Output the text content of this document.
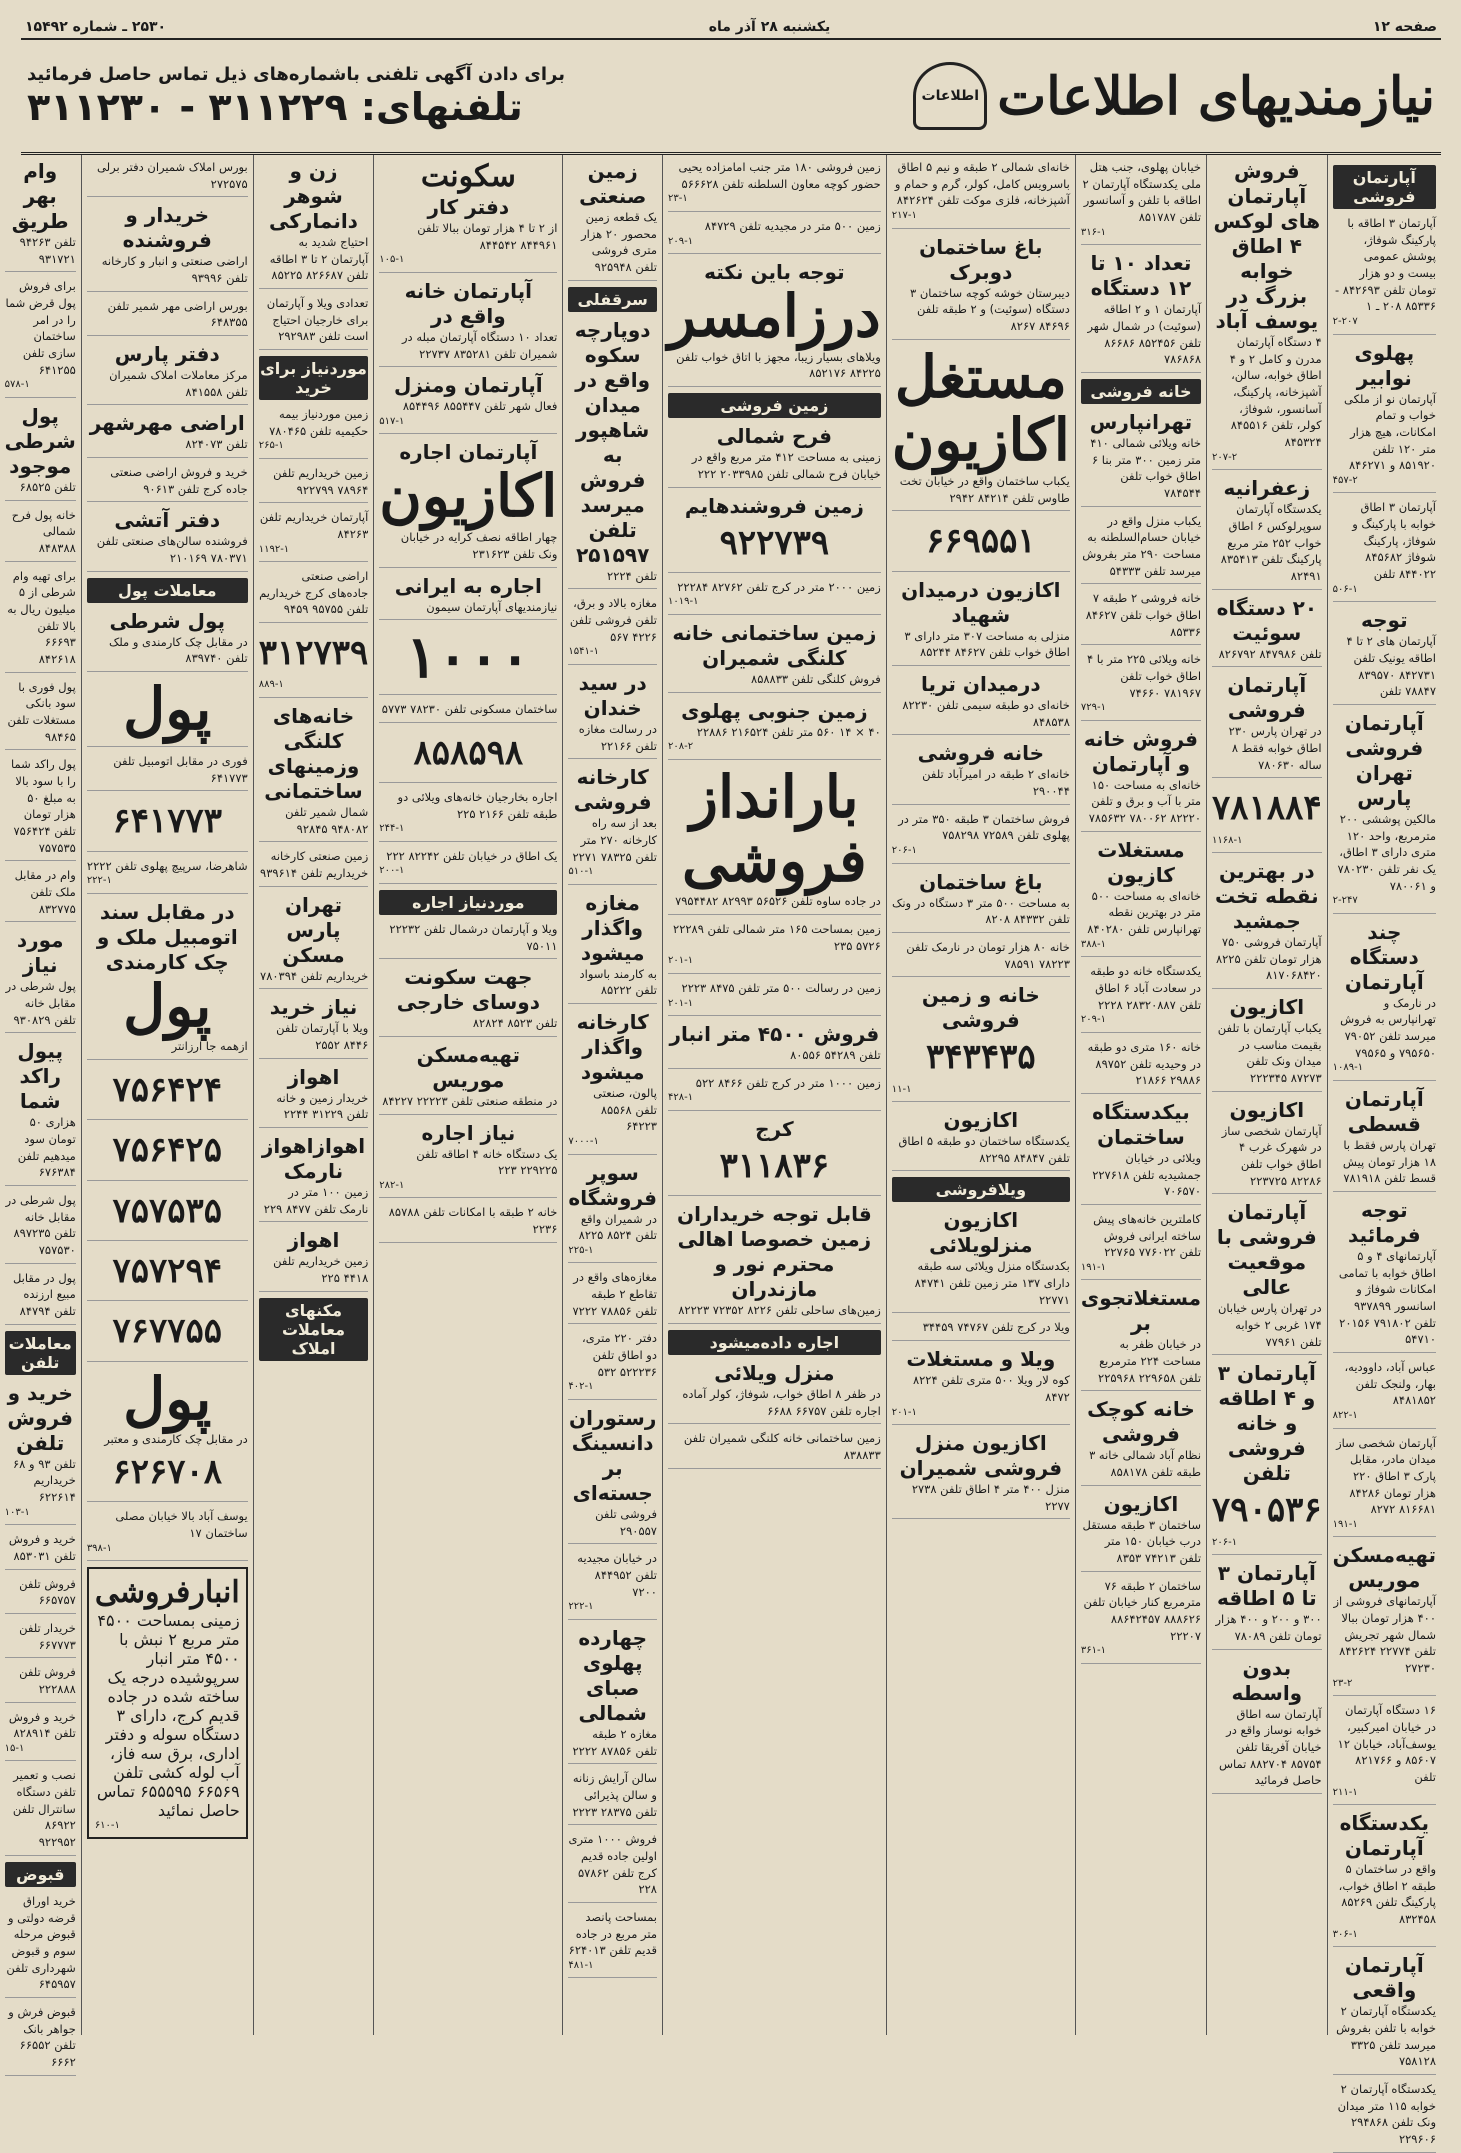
صفحه ۱۲
یکشنبه ۲۸ آذر ماه
۲۵۳۰ ـ شماره ۱۵۴۹۲
نیازمندیهای اطلاعات
اطلاعات
برای دادن آگهی تلفنی باشماره‌های ذیل تماس حاصل فرمائید
تلفنهای: ۳۱۱۲۲۹ - ۳۱۱۲۳۰
آپارتمان فروشی
آپارتمان ۳ اطاقه با پارکینگ شوفاژ، پوشش عمومی بیست و دو هزار تومان تلفن ۸۴۲۶۹۳ - ۸۵۳۳۶ ۲۰۸ ـ ۱
۲-۲۰۷
پهلوی نوابیر
آپارتمان نو از ملکی خواب و تمام امکانات، هیچ هزار متر ۱۲۰ تلفن ۸۵۱۹۲۰ و ۸۴۶۲۷۱
۴۵۷-۲
آپارتمان ۳ اطاق خوابه با پارکینگ و شوفاژ، پارکینگ شوفاژ ۸۴۵۶۸۲ ۸۴۴۰۲۲ تلفن
۵۰۶-۱
توجه
آپارتمان های ۲ تا ۴ اطاقه یونیک تلفن ۸۴۲۷۳۱ ۸۳۹۵۷۰ ۷۸۸۴۷ تلفن
آپارتمان فروشی تهران پارس
مالکین پوششی ۲۰۰ مترمربع، واحد ۱۲۰ متری دارای ۳ اطاق، یک نفر تلفن ۷۸۰۲۳۰ و ۷۸۰۰۶۱
۲-۲۴۷
چند دستگاه آپارتمان
در نارمک و تهرانپارس به فروش میرسد تلفن ۷۹۰۵۲ ۷۹۵۶۵۰ و ۷۹۵۶۵
۱۰۸۹-۱
آپارتمان قسطی
تهران پارس فقط با ۱۸ هزار تومان پیش قسط تلفن ۷۸۱۹۱۸
توجه فرمائید
آپارتمانهای ۴ و ۵ اطاق خوابه با تمامی امکانات شوفاژ و اسانسور ۹۳۷۸۹۹ تلفن ۷۹۱۸۰۲ ۲۰۱۵۶ ۵۴۷۱۰
عباس آباد، داوودیه، بهار، ولنجک تلفن ۸۴۸۱۸۵۲
۸۲۲-۱
آپارتمان شخصی ساز میدان مادر، مقابل پارک ۳ اطاق ۲۲۰ هزار تومان ۸۴۲۸۶ ۸۱۶۶۸۱ ۸۲۷۲
۱۹۱-۱
تهیه‌مسکن موریس
آپارتمانهای فروشی از ۴۰۰ هزار تومان ببالا شمال شهر تجریش تلفن ۲۲۷۷۴ ۸۴۲۶۲۴ ۲۷۲۳۰
۲۳-۲
۱۶ دستگاه آپارتمان در خیابان امیرکبیر، یوسف‌آباد، خیابان ۱۲ ۸۵۶۰۷ و ۸۲۱۷۶۶ تلفن
۲۱۱-۱
یکدستگاه آپارتمان
واقع در ساختمان ۵ طبقه ۲ اطاق خواب، پارکینگ تلفن ۸۵۲۶۹ ۸۳۲۴۵۸
۳۰۶-۱
آپارتمان واقعی
یکدستگاه آپارتمان ۲ خوابه با تلفن بفروش میرسد تلفن ۳۳۲۵ ۷۵۸۱۲۸
یکدستگاه آپارتمان ۲ خوابه ۱۱۵ متر میدان ونک تلفن ۲۹۴۸۶۸ ۲۲۹۶۰۶
فروش آپارتمان های لوکس ۴ اطاق خوابه بزرگ در یوسف آباد
۴ دستگاه آپارتمان مدرن و کامل ۲ و ۴ اطاق خوابه، سالن، آشپزخانه، پارکینگ، آسانسور، شوفاژ، کولر، تلفن ۸۴۵۵۱۶ ۸۴۵۳۲۴
۲۰۷-۲
زعفرانیه
یکدستگاه آپارتمان سوپرلوکس ۶ اطاق خواب ۲۵۲ متر مربع پارکینگ تلفن ۸۳۵۴۱۳ ۸۲۴۹۱
۲۰ دستگاه سوئیت
تلفن ۸۴۷۹۸۶ ۸۲۶۷۹۲
آپارتمان فروشی
در تهران پارس ۲۳۰ اطاق خوابه فقط ۸ ساله ۷۸۰۶۳۰
۷۸۱۸۸۴
۱۱۶۸-۱
در بهترین نقطه تخت جمشید
آپارتمان فروشی ۷۵۰ هزار تومان تلفن ۸۲۲۵ ۸۱۷۰۶۸۴۲۰
اکازیون
یکباب آپارتمان با تلفن بقیمت مناسب در میدان ونک تلفن ۸۷۲۷۳ ۲۲۲۳۴۵
اکازیون
آپارتمان شخصی ساز در شهرک غرب ۴ اطاق خواب تلفن ۸۲۲۸۶ ۲۲۳۷۲۵
آپارتمان فروشی با موقعیت عالی
در تهران پارس خیابان ۱۷۴ غربی ۲ خوابه تلفن ۷۷۹۶۱
آپارتمان ۳ و ۴ اطاقه و خانه فروشی تلفن
۷۹۰۵۳۶
۲۰۶-۱
آپارتمان ۳ تا ۵ اطاقه
۳۰۰ و ۲۰۰ و ۴۰۰ هزار تومان تلفن ۷۸۰۸۹
بدون واسطه
آپارتمان سه اطاق خوابه نوساز واقع در خیابان آفریقا تلفن ۸۵۷۵۴ ۸۸۲۷۰۴ تماس حاصل فرمائید
خیابان پهلوی، جنب هتل ملی یکدستگاه آپارتمان ۲ اطاقه با تلفن و آسانسور تلفن ۸۵۱۷۸۷
۳۱۶-۱
تعداد ۱۰ تا ۱۲ دستگاه
آپارتمان ۱ و ۲ اطاقه (سوئیت) در شمال شهر تلفن ۸۵۲۴۵۶ ۸۶۶۸۶ ۷۸۶۸۶۸
خانه فروشی
تهرانپارس
خانه ویلائی شمالی ۴۱۰ متر زمین ۳۰۰ متر بنا ۶ اطاق خواب تلفن ۷۸۴۵۴۴
یکباب منزل واقع در خیابان حسام‌السلطنه به مساحت ۲۹۰ متر بفروش میرسد تلفن ۵۴۳۳۳
خانه فروشی ۲ طبقه ۷ اطاق خواب تلفن ۸۴۶۲۷ ۸۵۳۳۶
خانه ویلائی ۲۲۵ متر با ۴ اطاق خواب تلفن ۷۸۱۹۶۷ ۷۴۶۶۰
۷۲۹-۱
فروش خانه و آپارتمان
خانه‌ای به مساحت ۱۵۰ متر با آب و برق و تلفن ۸۲۲۲۰ ۷۸۰۰۶۲ ۷۸۵۶۳۲
مستغلات کازیون
خانه‌ای به مساحت ۵۰۰ متر در بهترین نقطه تهرانپارس تلفن ۸۴۰۲۸۰
۳۸۸-۱
یکدستگاه خانه دو طبقه در سعادت آباد ۶ اطاق تلفن ۲۸۳۲۰۸۸۷ ۲۲۲۸
۲۰۹-۱
خانه ۱۶۰ متری دو طبقه در وحیدیه تلفن ۸۹۷۵۲ ۲۹۸۸۶ ۲۱۸۶۶
بیکدستگاه ساختمان
ویلائی در خیابان جمشیدیه تلفن ۲۲۷۶۱۸ ۷۰۶۵۷۰
کاملترین خانه‌های پیش ساخته ایرانی فروش تلفن ۷۷۶۰۲۲ ۲۲۷۶۵
۱۹۱-۱
مستغلاتجوی بر
در خیابان ظفر به مساحت ۲۲۴ مترمربع تلفن ۲۲۹۶۵۸ ۲۲۵۹۶۸
خانه کوچک فروشی
نظام آباد شمالی خانه ۳ طبقه تلفن ۸۵۸۱۷۸
اکازیون
ساختمان ۳ طبقه مستقل درب خیابان ۱۵۰ متر تلفن ۷۴۲۱۳ ۸۳۵۳
ساختمان ۲ طبقه ۷۶ مترمربع کنار خیابان تلفن ۸۸۸۶۲۶ ۸۸۶۴۲۴۵۷ ۲۲۲۰۷
۳۶۱-۱
خانه‌ای شمالی ۲ طبقه و نیم ۵ اطاق باسرویس کامل، کولر، گرم و حمام و آشپزخانه، فلزی موکت تلفن ۸۴۲۶۲۴
۲۱۷-۱
باغ ساختمان دوبرک
دیبرستان خوشه کوچه ساختمان ۳ دستگاه (سوئیت) و ۲ طبقه تلفن ۸۴۶۹۶ ۸۲۶۷
مستغل اکازیون
یکباب ساختمان واقع در خیابان تخت طاوس تلفن ۸۴۲۱۴ ۲۹۴۲
۶۶۹۵۵۱
اکازیون درمیدان شهیاد
منزلی به مساحت ۳۰۷ متر دارای ۳ اطاق خواب تلفن ۸۴۶۲۷ ۸۵۲۴۴
درمیدان تریا
خانه‌ای دو طبقه سیمی تلفن ۸۲۲۳۰ ۸۴۸۵۳۸
خانه فروشی
خانه‌ای ۲ طبقه در امیرآباد تلفن ۲۹۰۰۴۴
فروش ساختمان ۳ طبقه ۳۵۰ متر در پهلوی تلفن ۷۲۵۸۹ ۷۵۸۲۹۸
۲۰۶-۱
باغ ساختمان
به مساحت ۵۰۰ متر ۳ دستگاه در ونک تلفن ۸۴۳۳۲ ۸۲۰۸
خانه ۸۰ هزار تومان در نارمک تلفن ۷۸۲۲۳ ۷۸۵۹۱
خانه و زمین فروشی
۳۴۳۴۳۵
۱۱-۱
اکازیون
یکدستگاه ساختمان دو طبقه ۵ اطاق تلفن ۸۴۸۴۷ ۸۲۲۹۵
ویلافروشی
اکازیون منزلویلائی
بکدستگاه منزل ویلائی سه طبقه دارای ۱۳۷ متر زمین تلفن ۸۴۷۴۱ ۲۲۷۷۱
ویلا در کرج تلفن ۷۴۷۶۷ ۳۴۴۵۹
ویلا و مستغلات
کوه لار ویلا ۵۰۰ متری تلفن ۸۲۲۴ ۸۴۷۲
۲۰۱-۱
اکازیون منزل فروشی شمیران
منزل ۴۰۰ متر ۴ اطاق تلفن ۲۷۳۸ ۲۲۷۷
زمین فروشی ۱۸۰ متر جنب امامزاده یحیی حضور کوچه معاون السلطنه تلفن ۵۶۶۶۲۸
۲۳-۱
زمین ۵۰۰ متر در مجیدیه تلفن ۸۴۷۲۹
۲۰۹-۱
توجه باین نکته
درزامسر
ویلاهای بسیار زیبا، مجهز با اتاق خواب تلفن ۸۴۲۲۵ ۸۵۲۱۷۶
زمین فروشی
فرح شمالی
زمینی به مساحت ۴۱۲ متر مربع واقع در خیابان فرح شمالی تلفن ۲۰۳۳۹۸۵ ۲۲۲
زمین فروشندهایم
۹۲۲۷۳۹
زمین ۲۰۰۰ متر در کرج تلفن ۸۲۷۶۲ ۲۲۲۸۴
۱۰۱۹-۱
زمین ساختمانی خانه کلنگی شمیران
فروش کلنگی تلفن ۸۵۸۸۳۳
زمین جنوبی پهلوی
۴۰ × ۱۴ ۵۶۰ متر تلفن ۲۱۶۵۲۴ ۲۲۸۸۶
۲۰۸-۲
بارانداز فروشی
در جاده ساوه تلفن ۵۶۵۲۶ ۸۲۹۹۳ ۷۹۵۴۴۸۲
زمین بمساحت ۱۶۵ متر شمالی تلفن ۲۲۲۸۹ ۵۷۲۶ ۲۳۵
۲۰۱-۱
زمین در رسالت ۵۰۰ متر تلفن ۸۴۷۵ ۲۲۲۳
۲۰۱-۱
فروش ۴۵۰۰ متر انبار
تلفن ۵۴۲۸۹ ۸۰۵۵۶
زمین ۱۰۰۰ متر در کرج تلفن ۸۴۶۶ ۵۲۲
۴۲۸-۱
کرج
۳۱۱۸۳۶
قابل توجه خریداران زمین خصوصا اهالی محترم نور و مازندران
زمین‌های ساحلی تلفن ۸۲۲۶ ۷۲۳۵۲ ۸۲۲۲۳
اجاره داده‌میشود
منزل ویلائی
در ظفر ۸ اطاق خواب، شوفاژ، کولر آماده اجاره تلفن ۶۶۷۵۷ ۶۶۸۸
زمین ساختمانی خانه کلنگی شمیران تلفن ۸۳۸۸۳۳
زمین صنعتی
یک قطعه زمین محصور ۲۰ هزار متری فروشی تلفن ۹۲۵۹۴۸
سرقفلی
دوپارچه سکوه واقع در میدان شاهپور به فروش میرسد تلفن ۲۵۱۵۹۷
تلفن ۲۲۲۴
مغازه بالاد و برق، تلفن فروشی تلفن ۴۲۲۶ ۵۶۷
۱۵۴۱-۱
در سید خندان
در رسالت مغازه تلفن ۲۲۱۶۶
کارخانه فروشی
بعد از سه راه کارخانه ۲۷۰ متر تلفن ۷۸۳۲۵ ۲۲۷۱
۵۱۰-۱
مغازه واگذار میشود
به کارمند باسواد تلفن ۸۵۲۲۲
کارخانه واگذار میشود
پالون، صنعتی تلفن ۸۵۵۶۸ ۶۴۲۲۳
۷۰۰۰-۱
سوپر فروشگاه
در شمیران واقع تلفن ۸۵۲۴ ۸۲۲۵
۲۲۵-۱
مغازه‌های واقع در تقاطع ۲ طبقه تلفن ۷۸۸۵۶ ۷۲۲۲
دفتر ۲۲۰ متری، دو اطاق تلفن ۵۲۲۲۳۶ ۵۳۲
۴۰۲-۱
رستوران دانسینگ بر جسته‌ای
فروشی تلفن ۲۹۰۵۵۷
در خیابان مجیدیه تلفن ۸۴۴۹۵۲ ۷۲۰۰
۲۲۲-۱
چهارده پهلوی صبای شمالی
مغازه ۲ طبقه تلفن ۸۷۸۵۶ ۲۲۲۲
سالن آرایش زنانه و سالن پذیرائی تلفن ۲۸۳۷۵ ۲۲۲۳
فروش ۱۰۰۰ متری اولین جاده قدیم کرج تلفن ۵۷۸۶۲ ۲۲۸
بمساحت پانصد متر مربع در جاده قدیم تلفن ۶۲۴۰۱۳
۴۸۱-۱
سکونت
دفتر کار
از ۲ تا ۴ هزار تومان ببالا تلفن ۸۴۴۹۶۱ ۸۴۴۵۴۲
۱۰۵-۱
آپارتمان خانه واقع در
تعداد ۱۰ دستگاه آپارتمان مبله در شمیران تلفن ۸۳۵۲۸۱ ۲۲۷۳۷
آپارتمان ومنزل
فعال شهر تلفن ۸۵۵۴۴۷ ۸۵۴۴۹۶
۵۱۷-۱
آپارتمان اجاره
اکازیون
چهار اطاقه نصف کرایه در خیابان ونک تلفن ۲۳۱۶۲۳
اجاره به ایرانی
نیازمندیهای آپارتمان سیمون
۱۰۰۰
ساختمان مسکونی تلفن ۷۸۲۳۰ ۵۷۷۳
۸۵۸۵۹۸
اجاره بخارجیان خانه‌های ویلائی دو طبقه تلفن ۲۱۶۶ ۲۲۵
۲۴۴-۱
یک اطاق در خیابان تلفن ۸۲۲۴۲ ۲۲۲
۲۰۰-۱
موردنیاز اجاره
ویلا و آپارتمان درشمال تلفن ۲۲۲۳۲ ۷۵۰۱۱
جهت سکونت دوسای خارجی
تلفن ۸۵۲۳ ۸۲۸۲۴
تهیه‌مسکن موریس
در منطقه صنعتی تلفن ۲۲۲۲۳ ۸۴۲۲۷
نیاز اجاره
یک دستگاه خانه ۴ اطاقه تلفن ۲۲۹۲۲۵ ۲۲۳
۲۸۲-۱
خانه ۲ طبقه با امکانات تلفن ۸۵۷۸۸ ۲۲۳۶
زن و شوهر دانمارکی
احتیاج شدید به آپارتمان ۲ تا ۳ اطاقه تلفن ۸۲۶۶۸۷ ۸۵۲۲۵
تعدادی ویلا و آپارتمان برای خارجیان احتیاج است تلفن ۲۹۲۹۸۳
موردنیاز برای خرید
زمین موردنیاز بیمه حکیمیه تلفن ۷۸۰۴۶۵
۲۶۵-۱
زمین خریداریم تلفن ۷۸۹۶۴ ۹۲۲۷۹۹
آپارتمان خریداریم تلفن ۸۴۲۶۳
۱۱۹۲-۱
اراضی صنعتی جاده‌های کرج خریداریم تلفن ۹۵۷۵۵ ۹۴۵۹
۳۱۲۷۳۹
۸۸۹-۱
خانه‌های کلنگی وزمینهای ساختمانی
شمال شمیر تلفن ۹۴۸۰۸۲ ۹۲۸۴۵
زمین صنعتی کارخانه خریداریم تلفن ۹۳۹۶۱۴
تهران پارس مسکن
خریداریم تلفن ۷۸۰۳۹۴
نیاز خرید
ویلا با آپارتمان تلفن ۸۴۴۶ ۲۵۵۲
اهواز
خریدار زمین و خانه تلفن ۳۱۲۲۹ ۲۲۴۴
اهوازاهواز نارمک
زمین ۱۰۰ متر در نارمک تلفن ۸۴۷۷ ۲۲۹
اهواز
زمین خریداریم تلفن ۴۴۱۸ ۲۲۵
مکنهای معاملات املاک
بورس املاک شمیران دفتر برلی ۲۷۲۵۷۵
خریدار و فروشنده
اراضی صنعتی و انبار و کارخانه تلفن ۹۳۹۹۶
بورس اراضی مهر شمیر تلفن ۶۴۸۳۵۵
دفتر پارس
مرکز معاملات املاک شمیران تلفن ۸۴۱۵۵۸
اراضی مهرشهر
تلفن ۸۲۴۰۷۳
خرید و فروش اراضی صنعتی جاده کرج تلفن ۹۰۶۱۳
دفتر آتشی
فروشنده سالن‌های صنعتی تلفن ۷۸۰۳۷۱ ۲۱۰۱۶۹
معاملات پول
پول شرطی
در مقابل چک کارمندی و ملک تلفن ۸۳۹۷۴۰
پول
فوری در مقابل اتومبیل تلفن ۶۴۱۷۷۳
۶۴۱۷۷۳
شاهرضا، سرپیچ پهلوی تلفن ۲۲۲۲
۲۲۲-۱
در مقابل سند اتومبیل ملک و چک کارمندی
پول
ازهمه جا ارزانتر
۷۵۶۴۲۴
۷۵۶۴۲۵
۷۵۷۵۳۵
۷۵۷۲۹۴
۷۶۷۷۵۵
پول
در مقابل چک کارمندی و معتبر
۶۲۶۷۰۸
یوسف آباد بالا خیابان مصلی ساختمان ۱۷
۳۹۸-۱
انبارفروشی
زمینی بمساحت ۴۵۰۰ متر مربع ۲ نبش با ۴۵۰۰ متر انبار سرپوشیده درجه یک ساخته شده در جاده قدیم کرج، دارای ۳ دستگاه سوله و دفتر اداری، برق سه فاز، آب لوله کشی تلفن ۶۶۵۶۹ ۶۵۵۵۹۵ تماس حاصل نمائید
۶۱۰-۱
وام بهر طریق
تلفن ۹۴۲۶۳ ۹۳۱۷۲۱
برای فروش پول قرض شما را در امر ساختمان سازی تلفن ۶۴۱۲۵۵
۵۷۸-۱
پول شرطی موجود
تلفن ۶۸۵۲۵
خانه پول فرح شمالی ۸۴۸۳۸۸
برای تهیه وام شرطی از ۵ میلیون ریال به بالا تلفن ۶۶۶۹۳ ۸۴۲۶۱۸
پول فوری با سود بانکی مستغلات تلفن ۹۸۴۶۵
پول راکد شما را با سود بالا به مبلغ ۵۰ هزار تومان تلفن ۷۵۶۴۲۴ ۷۵۷۵۳۵
وام در مقابل ملک تلفن ۸۳۲۷۷۵
مورد نیاز
پول شرطی در مقابل خانه تلفن ۹۳۰۸۲۹
پیول راکد شما
هزاری ۵۰ تومان سود میدهیم تلفن ۶۷۶۳۸۴
پول شرطی در مقابل خانه تلفن ۸۹۷۲۳۵ ۷۵۷۵۳۰
پول در مقابل مبیع ارزنده تلفن ۸۴۷۹۴
معاملات تلفن
خرید و فروش تلفن
تلفن ۹۳ و ۶۸ خریداریم ۶۲۲۶۱۴
۱۰۳-۱
خرید و فروش تلفن ۸۵۳۰۳۱
فروش تلفن ۶۶۵۷۵۷
خریدار تلفن ۶۶۷۷۷۳
فروش تلفن ۲۲۲۸۸۸
خرید و فروش تلفن ۸۲۸۹۱۴
۱۵-۱
نصب و تعمیر تلفن دستگاه سانترال تلفن ۸۶۹۲۲ ۹۲۲۹۵۲
قبوض
خرید اوراق قرضه دولتی و قبوض مرحله سوم و قبوض شهرداری تلفن ۶۴۵۹۵۷
قبوض فرش و جواهر بانک تلفن ۶۶۵۵۲ ۶۶۶۲
